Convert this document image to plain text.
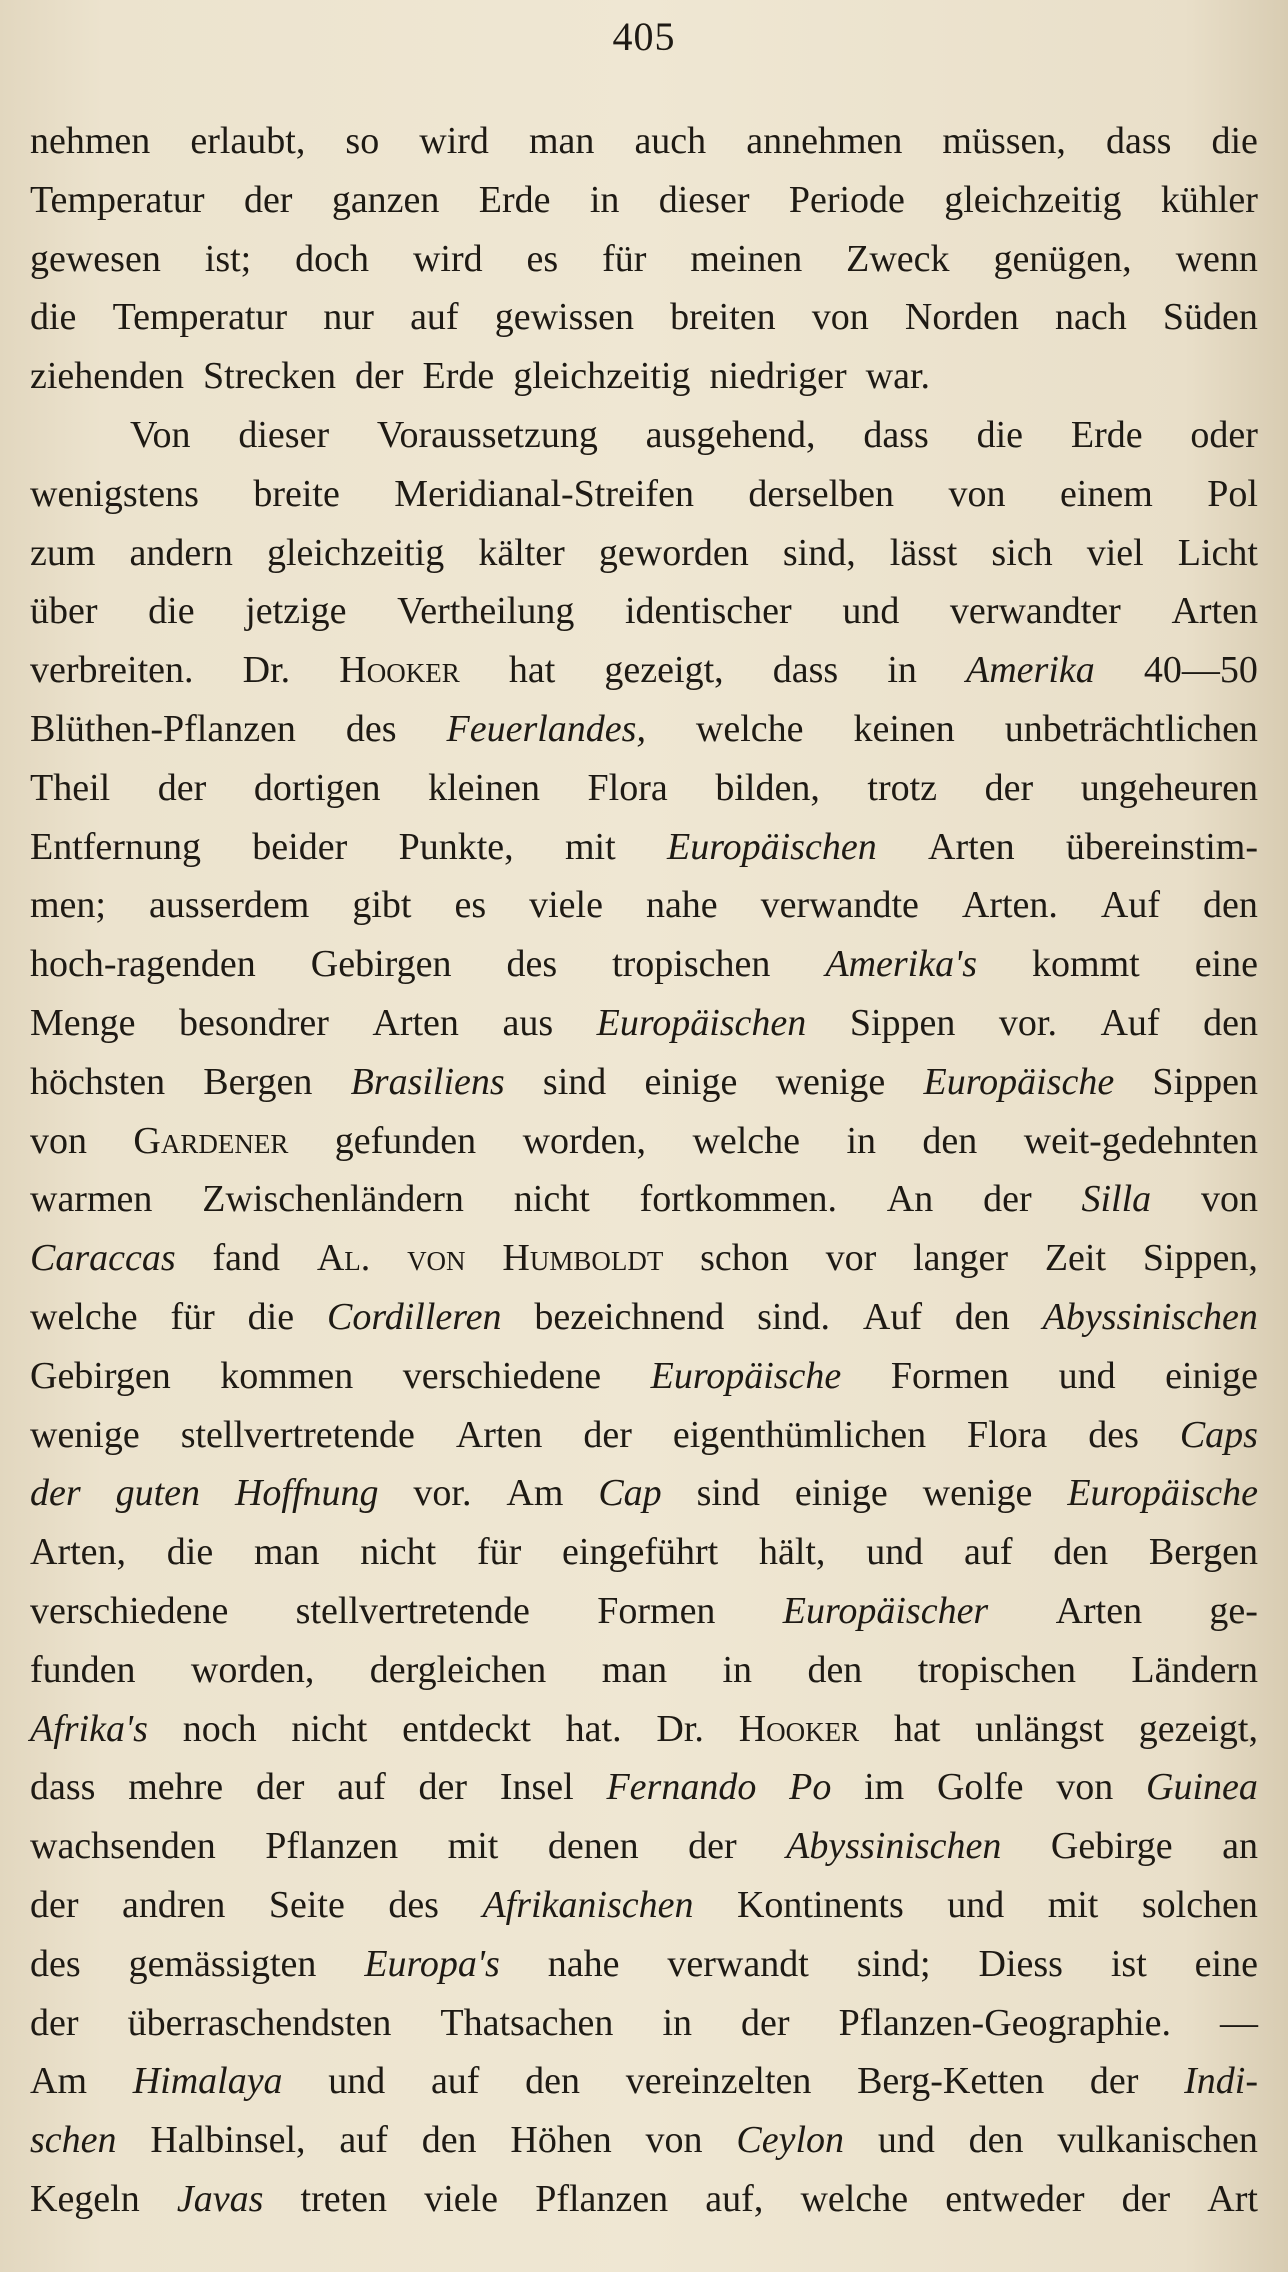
405
nehmen erlaubt, so wird man auch annehmen müssen, dass die
Temperatur der ganzen Erde in dieser Periode gleichzeitig kühler
gewesen ist; doch wird es für meinen Zweck genügen, wenn
die Temperatur nur auf gewissen breiten von Norden nach Süden
ziehenden Strecken der Erde gleichzeitig niedriger war.
Von dieser Voraussetzung ausgehend, dass die Erde oder
wenigstens breite Meridianal-Streifen derselben von einem Pol
zum andern gleichzeitig kälter geworden sind, lässt sich viel Licht
über die jetzige Vertheilung identischer und verwandter Arten
verbreiten. Dr. Hooker hat gezeigt, dass in Amerika 40—50
Blüthen-Pflanzen des Feuerlandes, welche keinen unbeträchtlichen
Theil der dortigen kleinen Flora bilden, trotz der ungeheuren
Entfernung beider Punkte, mit Europäischen Arten übereinstim-
men; ausserdem gibt es viele nahe verwandte Arten. Auf den
hoch-ragenden Gebirgen des tropischen Amerika's kommt eine
Menge besondrer Arten aus Europäischen Sippen vor. Auf den
höchsten Bergen Brasiliens sind einige wenige Europäische Sippen
von Gardener gefunden worden, welche in den weit-gedehnten
warmen Zwischenländern nicht fortkommen. An der Silla von
Caraccas fand Al. von Humboldt schon vor langer Zeit Sippen,
welche für die Cordilleren bezeichnend sind. Auf den Abyssinischen
Gebirgen kommen verschiedene Europäische Formen und einige
wenige stellvertretende Arten der eigenthümlichen Flora des Caps
der guten Hoffnung vor. Am Cap sind einige wenige Europäische
Arten, die man nicht für eingeführt hält, und auf den Bergen
verschiedene stellvertretende Formen Europäischer Arten ge-
funden worden, dergleichen man in den tropischen Ländern
Afrika's noch nicht entdeckt hat. Dr. Hooker hat unlängst gezeigt,
dass mehre der auf der Insel Fernando Po im Golfe von Guinea
wachsenden Pflanzen mit denen der Abyssinischen Gebirge an
der andren Seite des Afrikanischen Kontinents und mit solchen
des gemässigten Europa's nahe verwandt sind; Diess ist eine
der überraschendsten Thatsachen in der Pflanzen-Geographie. —
Am Himalaya und auf den vereinzelten Berg-Ketten der Indi-
schen Halbinsel, auf den Höhen von Ceylon und den vulkanischen
Kegeln Javas treten viele Pflanzen auf, welche entweder der Art
